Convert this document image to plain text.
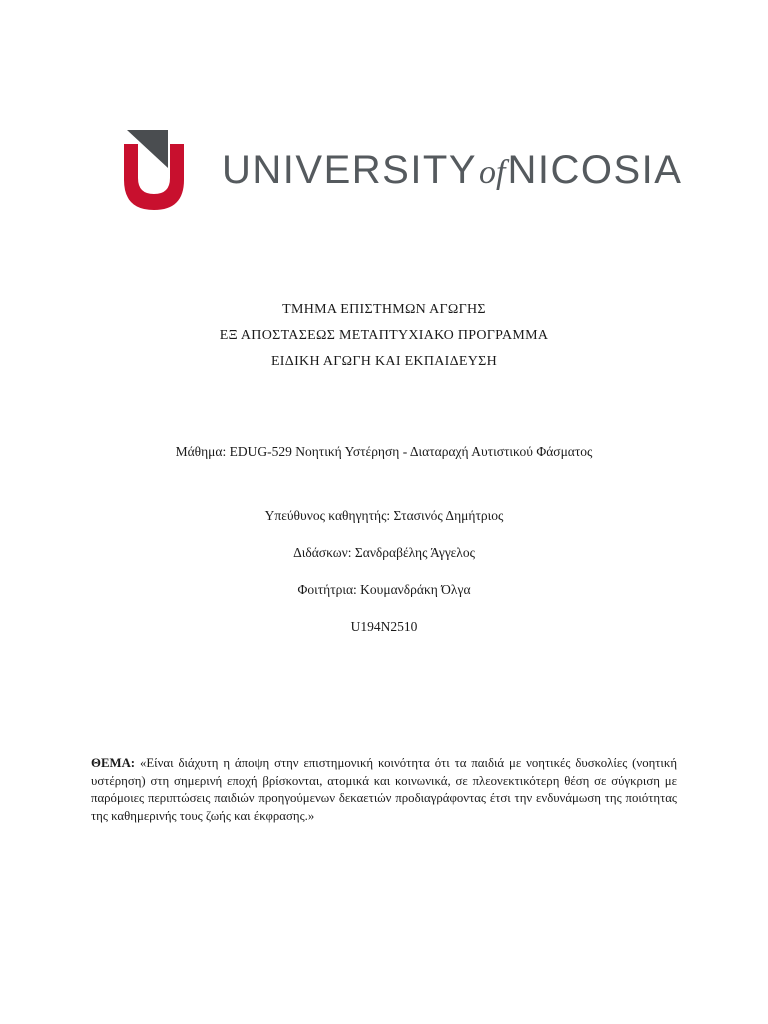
UNIVERSITYofNICOSIA
ΤΜΗΜΑ ΕΠΙΣΤΗΜΩΝ ΑΓΩΓΗΣ
ΕΞ ΑΠΟΣΤΑΣΕΩΣ ΜΕΤΑΠΤΥΧΙΑΚΟ ΠΡΟΓΡΑΜΜΑ
ΕΙΔΙΚΗ ΑΓΩΓΗ ΚΑΙ ΕΚΠΑΙΔΕΥΣΗ
Μάθημα: EDUG-529 Νοητική Υστέρηση - Διαταραχή Αυτιστικού Φάσματος
Υπεύθυνος καθηγητής: Στασινός Δημήτριος
Διδάσκων: Σανδραβέλης Άγγελος
Φοιτήτρια: Κουμανδράκη Όλγα
U194N2510
ΘΕΜΑ: «Είναι διάχυτη η άποψη στην επιστημονική κοινότητα ότι τα παιδιά με νοητικές δυσκολίες (νοητική υστέρηση) στη σημερινή εποχή βρίσκονται, ατομικά και κοινωνικά, σε πλεονεκτικότερη θέση σε σύγκριση με παρόμοιες περιπτώσεις παιδιών προηγούμενων δεκαετιών προδιαγράφοντας έτσι την ενδυνάμωση της ποιότητας της καθημερινής τους ζωής και έκφρασης.»
